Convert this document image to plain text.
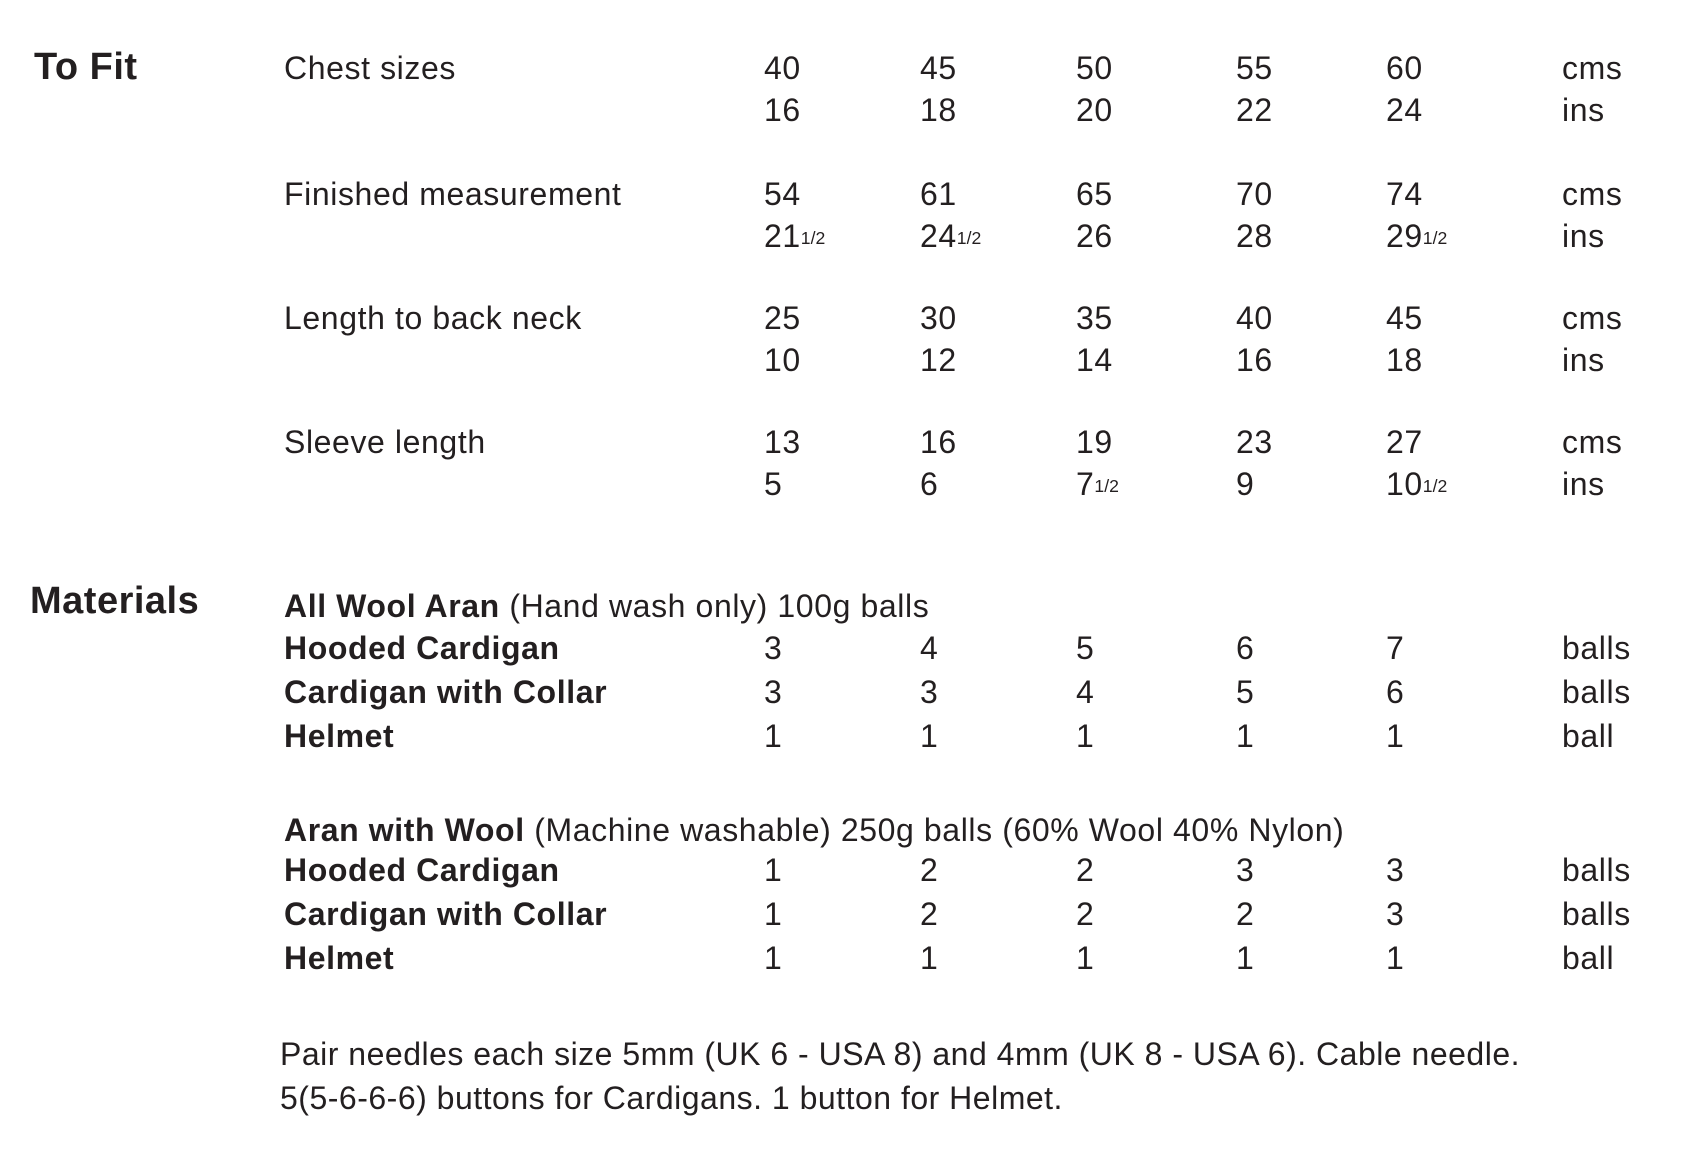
To Fit	Chest sizes	40	45	50	55	60	cms
16	18	20	22	24	ins
Finished measurement	54	61	65	70	74	cms
211/2	241/2	26	28	291/2	ins
Length to back neck	25	30	35	40	45	cms
10	12	14	16	18	ins
Sleeve length	13	16	19	23	27	cms
5	6	71/2	9	101/2	ins
Materials	All Wool Aran (Hand wash only) 100g balls
Hooded Cardigan	3	4	5	6	7	balls
Cardigan with Collar	3	3	4	5	6	balls
Helmet	1	1	1	1	1	ball
Aran with Wool (Machine washable) 250g balls (60% Wool 40% Nylon)
Hooded Cardigan	1	2	2	3	3	balls
Cardigan with Collar	1	2	2	2	3	balls
Helmet	1	1	1	1	1	ball
Pair needles each size 5mm (UK 6 - USA 8) and 4mm (UK 8 - USA 6). Cable needle.
5(5-6-6-6) buttons for Cardigans. 1 button for Helmet.
